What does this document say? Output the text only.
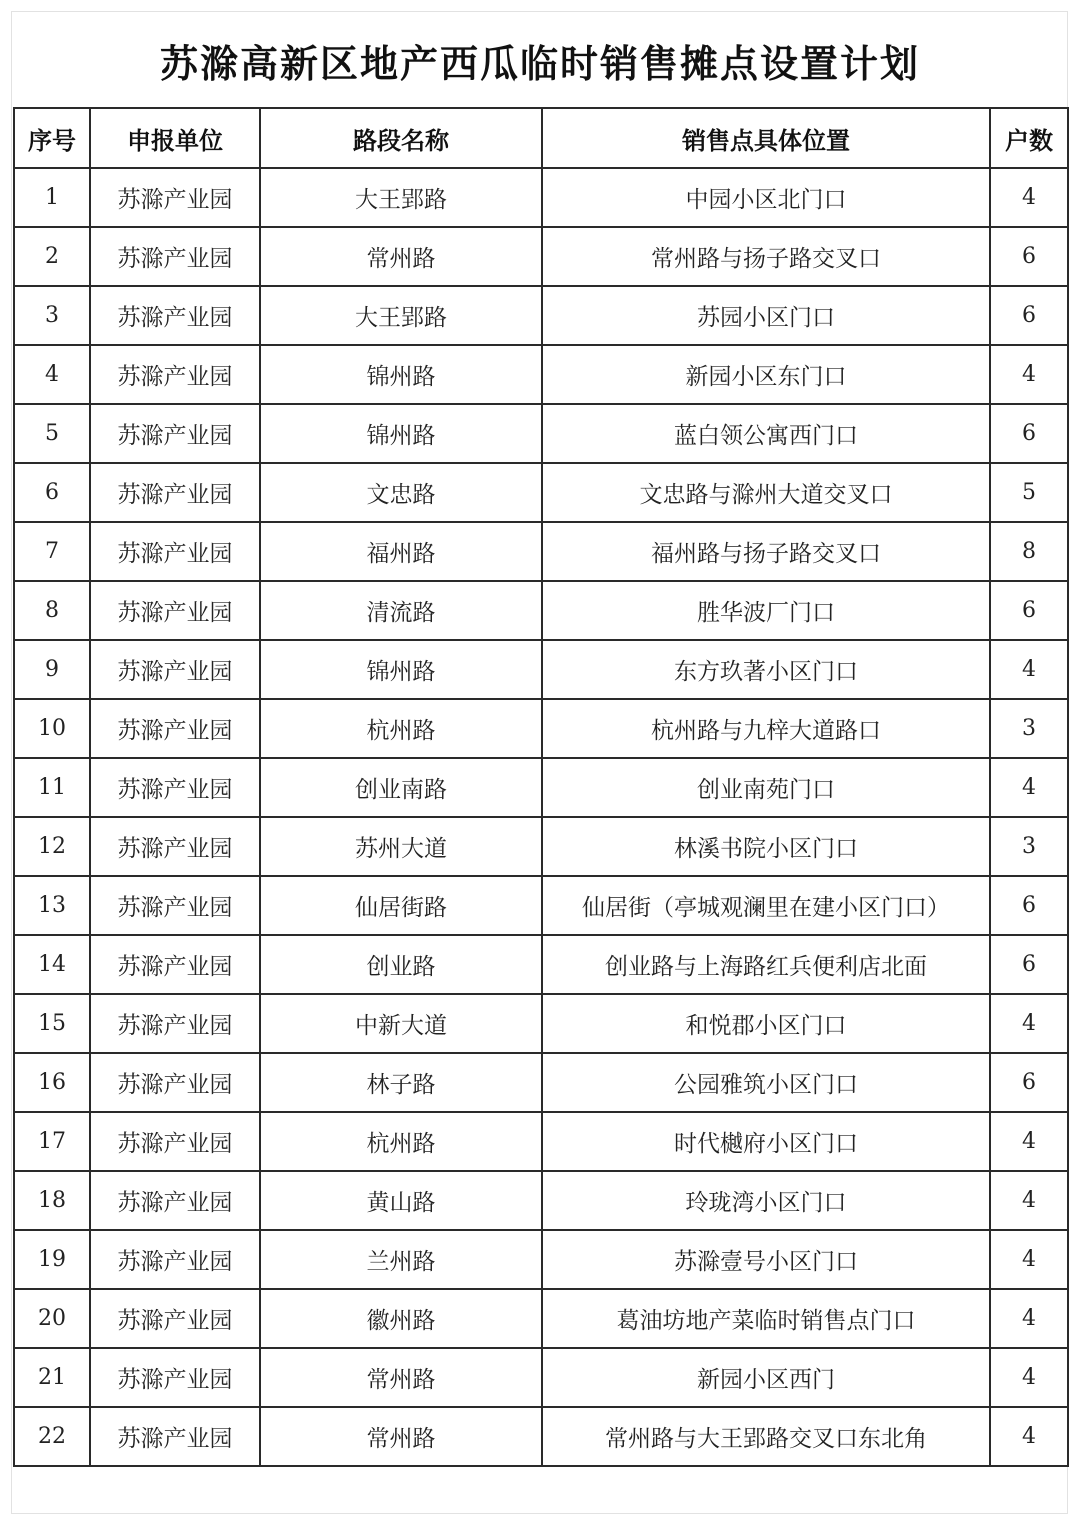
苏滁高新区地产西瓜临时销售摊点设置计划
序号	申报单位	路段名称	销售点具体位置	户数
1	苏滁产业园	大王郢路	中园小区北门口	4
2	苏滁产业园	常州路	常州路与扬子路交叉口	6
3	苏滁产业园	大王郢路	苏园小区门口	6
4	苏滁产业园	锦州路	新园小区东门口	4
5	苏滁产业园	锦州路	蓝白领公寓西门口	6
6	苏滁产业园	文忠路	文忠路与滁州大道交叉口	5
7	苏滁产业园	福州路	福州路与扬子路交叉口	8
8	苏滁产业园	清流路	胜华波厂门口	6
9	苏滁产业园	锦州路	东方玖著小区门口	4
10	苏滁产业园	杭州路	杭州路与九梓大道路口	3
11	苏滁产业园	创业南路	创业南苑门口	4
12	苏滁产业园	苏州大道	林溪书院小区门口	3
13	苏滁产业园	仙居街路	仙居街（亭城观澜里在建小区门口）	6
14	苏滁产业园	创业路	创业路与上海路红兵便利店北面	6
15	苏滁产业园	中新大道	和悦郡小区门口	4
16	苏滁产业园	林子路	公园雅筑小区门口	6
17	苏滁产业园	杭州路	时代樾府小区门口	4
18	苏滁产业园	黄山路	玲珑湾小区门口	4
19	苏滁产业园	兰州路	苏滁壹号小区门口	4
20	苏滁产业园	徽州路	葛油坊地产菜临时销售点门口	4
21	苏滁产业园	常州路	新园小区西门	4
22	苏滁产业园	常州路	常州路与大王郢路交叉口东北角	4
